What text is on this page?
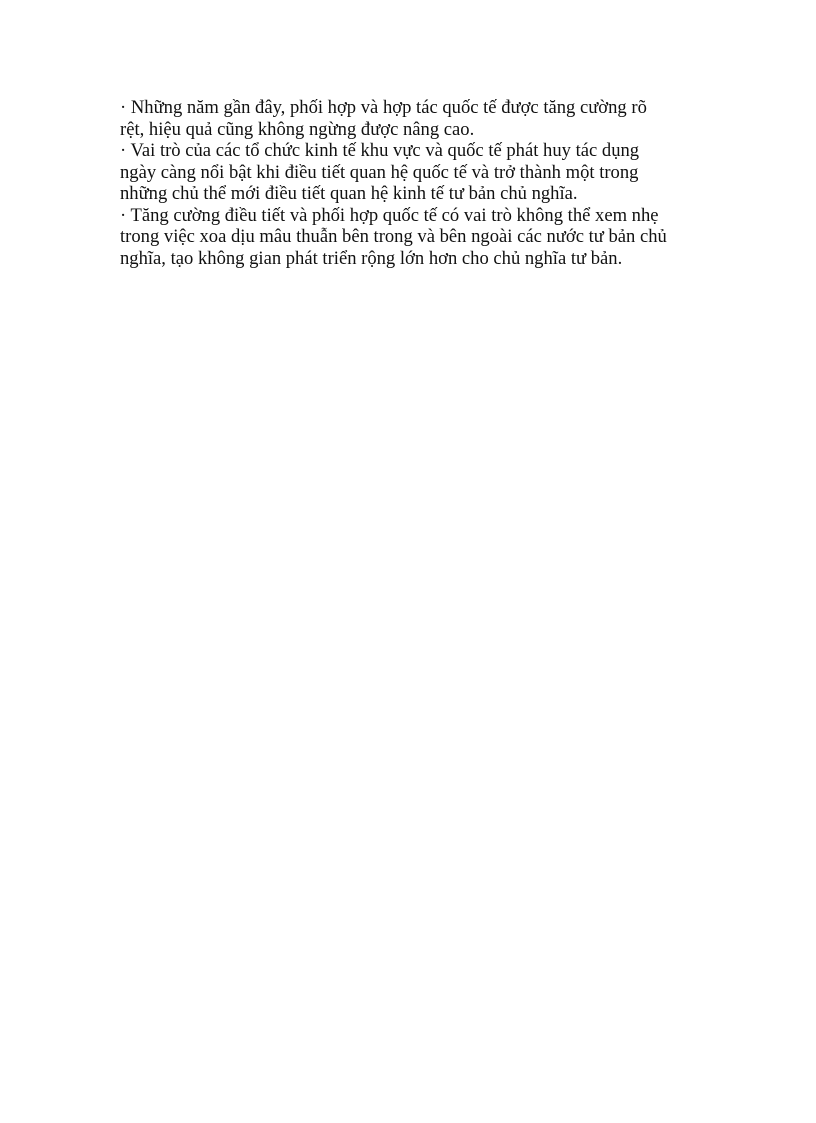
· Những năm gần đây, phối hợp và hợp tác quốc tế được tăng cường rõ
rệt, hiệu quả cũng không ngừng được nâng cao.

· Vai trò của các tổ chức kinh tế khu vực và quốc tế phát huy tác dụng
ngày càng nổi bật khi điều tiết quan hệ quốc tế và trở thành một trong
những chủ thể mới điều tiết quan hệ kinh tế tư bản chủ nghĩa.

· Tăng cường điều tiết và phối hợp quốc tế có vai trò không thể xem nhẹ
trong việc xoa dịu mâu thuẫn bên trong và bên ngoài các nước tư bản chủ
nghĩa, tạo không gian phát triển rộng lớn hơn cho chủ nghĩa tư bản.
